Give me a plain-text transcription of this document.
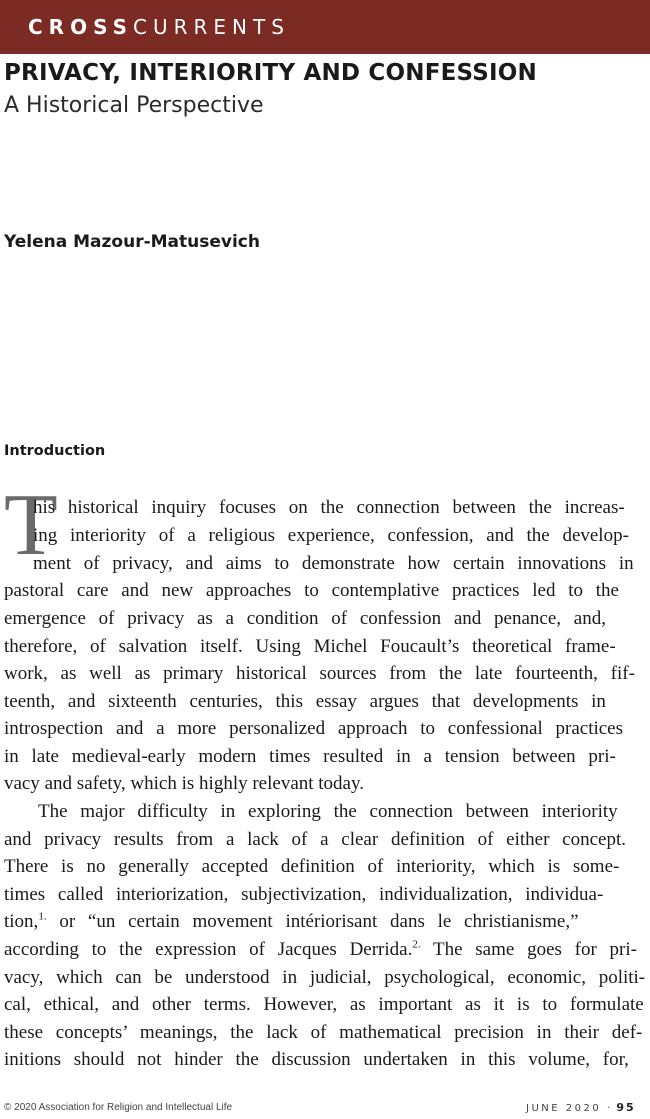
CROSSCURRENTS
PRIVACY, INTERIORITY AND CONFESSION
A Historical Perspective
Yelena Mazour-Matusevich
Introduction
T
his historical inquiry focuses on the connection between the increas-
ing interiority of a religious experience, confession, and the develop-
ment of privacy, and aims to demonstrate how certain innovations in
pastoral care and new approaches to contemplative practices led to the
emergence of privacy as a condition of confession and penance, and,
therefore, of salvation itself. Using Michel Foucault’s theoretical frame-
work, as well as primary historical sources from the late fourteenth, fif-
teenth, and sixteenth centuries, this essay argues that developments in
introspection and a more personalized approach to confessional practices
in late medieval-early modern times resulted in a tension between pri-
vacy and safety, which is highly relevant today.
The major difficulty in exploring the connection between interiority
and privacy results from a lack of a clear definition of either concept.
There is no generally accepted definition of interiority, which is some-
times called interiorization, subjectivization, individualization, individua-
tion,$^{1.}$ or “un certain movement intériorisant dans le christianisme,”
according to the expression of Jacques Derrida.$^{2.}$ The same goes for pri-
vacy, which can be understood in judicial, psychological, economic, politi-
cal, ethical, and other terms. However, as important as it is to formulate
these concepts’ meanings, the lack of mathematical precision in their def-
initions should not hinder the discussion undertaken in this volume, for,
© 2020 Association for Religion and Intellectual Life	JUNE 2020 · 95
